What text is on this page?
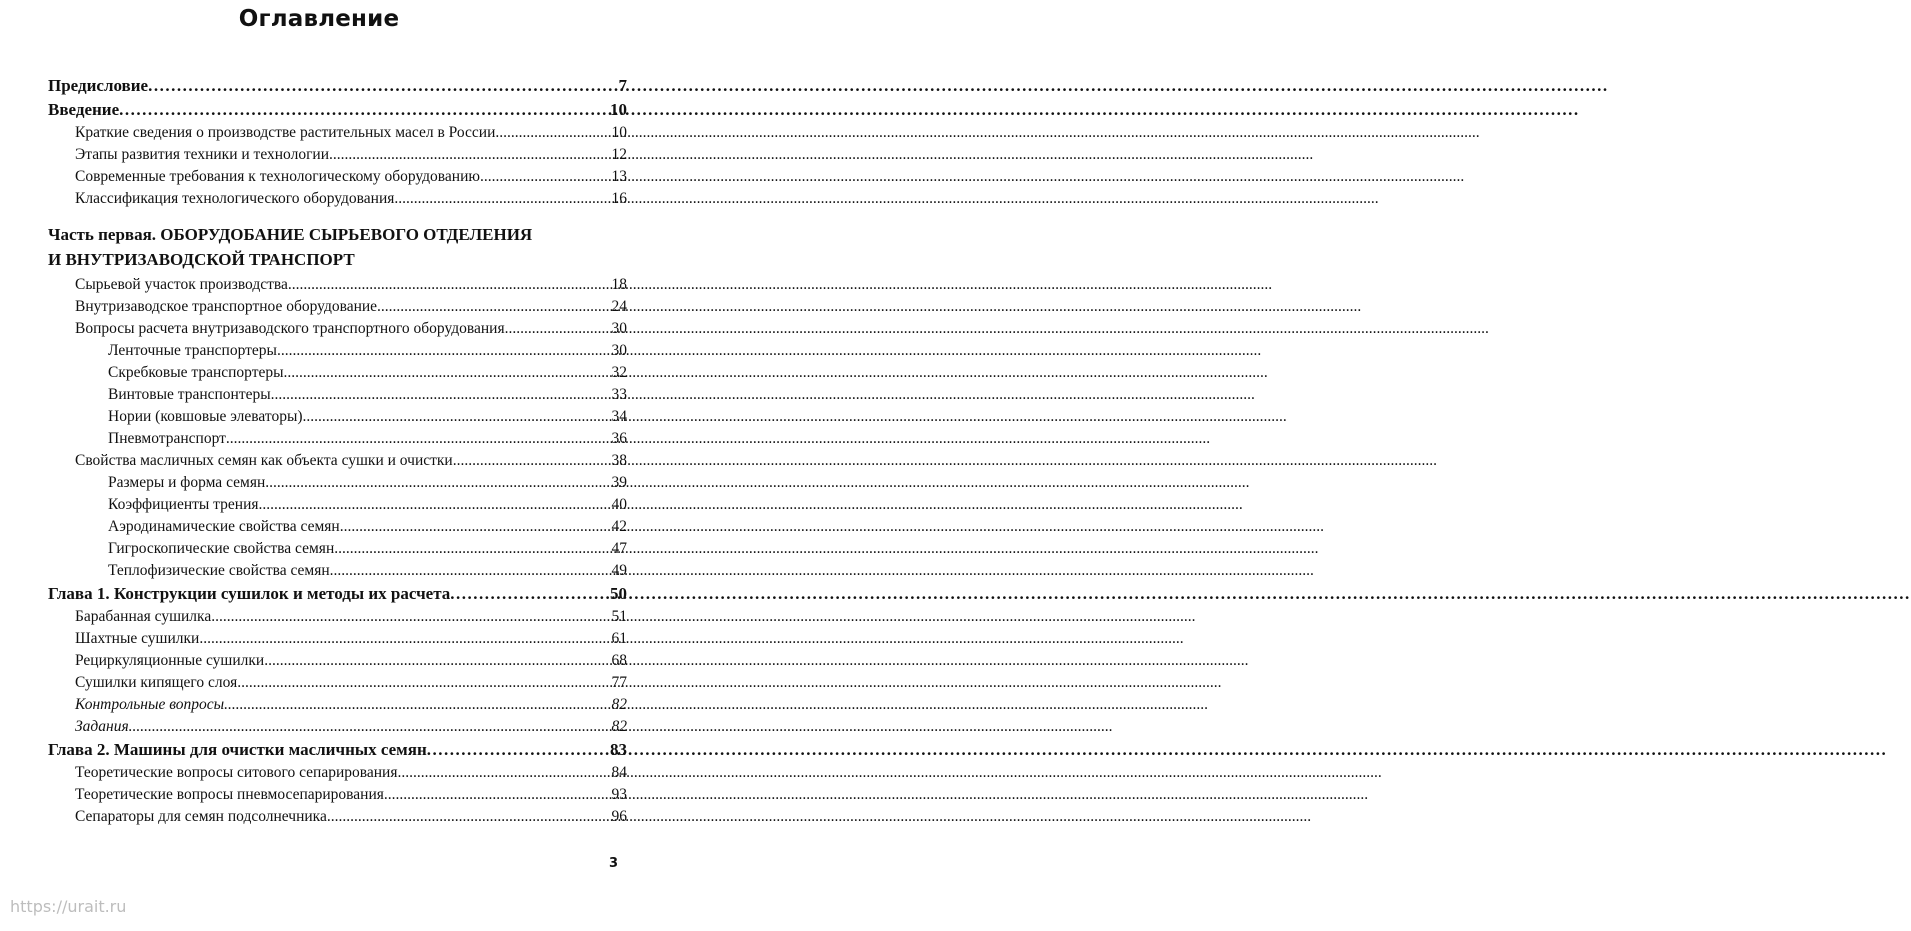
Оглавление
Предисловие .....	7
Введение .....	10
Краткие сведения о производстве растительных масел в России .....	10
Этапы развития техники и технологии .....	12
Современные требования к технологическому оборудованию .....	13
Классификация технологического оборудования .....	16
Часть первая. ОБОРУДОБАНИЕ СЫРЬЕВОГО ОТДЕЛЕНИЯ
И ВНУТРИЗАВОДСКОЙ ТРАНСПОРТ
Сырьевой участок производства .....	18
Внутризаводское транспортное оборудование .....	24
Вопросы расчета внутризаводского транспортного оборудования .....	30
Ленточные транспортеры .....	30
Скребковые транспортеры .....	32
Винтовые транспонтеры .....	33
Нории (ковшовые элеваторы) .....	34
Пневмотранспорт .....	36
Свойства масличных семян как объекта сушки и очистки .....	38
Размеры и форма семян .....	39
Коэффициенты трения .....	40
Аэродинамические свойства семян .....	42
Гигроскопические свойства семян .....	47
Теплофизические свойства семян .....	49
Глава 1. Конструкции сушилок и методы их расчета .....	50
Барабанная сушилка .....	51
Шахтные сушилки .....	61
Рециркуляционные сушилки .....	68
Сушилки кипящего слоя .....	77
Контрольные вопросы .....	82
Задания .....	82
Глава 2. Машины для очистки масличных семян .....	83
Теоретические вопросы ситового сепарирования .....	84
Теоретические вопросы пневмосепарирования .....	93
Сепараторы для семян подсолнечника .....	96
3
https://urait.ru
